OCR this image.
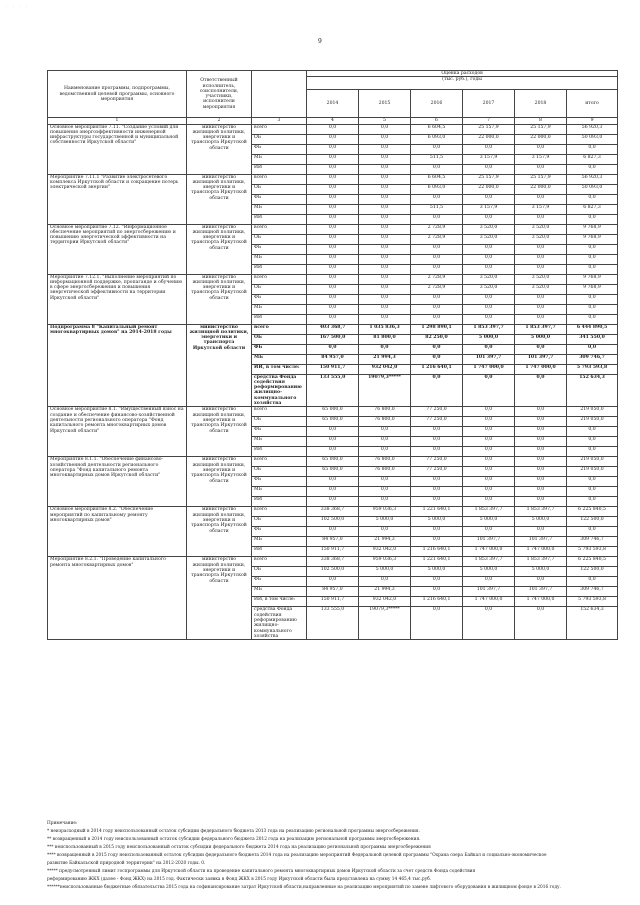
· · · ·
9
Наименование программы, подпрограммы, ведомственной целевой программы, основного мероприятия	Ответственный исполнитель, соисполнители, участники, исполнители мероприятия		Оценка расходов					
			(тыс. руб.), годы					
			2014	2015	2016	2017	2018	итого
1	2	3	4	5	6	7	8	9
Основное мероприятие 7.11. "Создание условий для повышения энергоэффективности инженерной инфраструктуры государственной и муниципальной собственности Иркутской области"	министерство жилищной политики, энергетики и транспорта Иркутской области	всего	0,0	0,0	6 604,5	25 157,9	25 157,9	56 920,3
		ОБ	0,0	0,0	6 093,0	22 000,0	22 000,0	50 093,0
		ФБ	0,0	0,0	0,0	0,0	0,0	0,0
		МБ	0,0	0,0	511,5	3 157,9	3 157,9	6 827,3
		ИИ	0,0	0,0	0,0	0,0	0,0	0,0
Мероприятие 7.11.1 "Развитие электросетевого комплекса Иркутской области и сокращение потерь электрической энергии"	министерство жилищной политики, энергетики и транспорта Иркутской области	всего	0,0	0,0	6 604,5	25 157,9	25 157,9	56 920,3
		ОБ	0,0	0,0	6 093,0	22 000,0	22 000,0	50 093,0
		ФБ	0,0	0,0	0,0	0,0	0,0	0,0
		МБ	0,0	0,0	511,5	3 157,9	3 157,9	6 827,3
		ИИ	0,0	0,0	0,0	0,0	0,0	0,0
Основное мероприятие 7.12. "Информационное обеспечение мероприятий по энергосбережению и повышению энергетической эффективности на территории Иркутской области"	министерство жилищной политики, энергетики и транспорта Иркутской области	всего	0,0	0,0	2 728,9	3 520,0	3 520,0	9 768,9
		ОБ	0,0	0,0	2 728,9	3 520,0	3 520,0	9 768,9
		ФБ	0,0	0,0	0,0	0,0	0,0	0,0
		МБ	0,0	0,0	0,0	0,0	0,0	0,0
		ИИ	0,0	0,0	0,0	0,0	0,0	0,0
Мероприятие 7.12.1. "Выполнение мероприятий по информационной поддержке, пропаганде и обучению в сфере энергосбережения и повышения энергетической эффективности на территории Иркутской области"	министерство жилищной политики, энергетики и транспорта Иркутской области	всего	0,0	0,0	2 728,9	3 520,0	3 520,0	9 768,9
		ОБ	0,0	0,0	2 728,9	3 520,0	3 520,0	9 768,9
		ФБ	0,0	0,0	0,0	0,0	0,0	0,0
		МБ	0,0	0,0	0,0	0,0	0,0	0,0
		ИИ	0,0	0,0	0,0	0,0	0,0	0,0
Подпрограмма 8 "Капитальный ремонт многоквартирных домов" на 2014-2018 годы	министерство жилищной политики, энергетики и транспорта Иркутской области	всего	403 368,7	1 035 836,3	1 298 890,1	1 853 397,7	1 853 397,7	6 444 890,5
		ОБ	167 500,0	81 800,0	82 250,0	5 000,0	5 000,0	341 550,0
		ФБ	0,0	0,0	0,0	0,0	0,0	0,0
		МБ	84 957,0	21 994,3	0,0	101 397,7	101 397,7	309 746,7
		ИИ, в том числе:	150 911,7	932 042,0	1 216 640,1	1 747 000,0	1 747 000,0	5 793 593,8
		средства Фонда содействия реформированию жилищно-коммунального хозяйства	133 555,0	19079,3*****	0,0	0,0	0,0	152 634,3
Основное мероприятие 8.1. "Имущественный взнос на создание и обеспечение финансово-хозяйственной деятельности регионального оператора "Фонд капитального ремонта многоквартирных домов Иркутской области"	министерство жилищной политики, энергетики и транспорта Иркутской области	всего	65 000,0	76 800,0	77 250,0	0,0	0,0	219 050,0
		ОБ	65 000,0	76 800,0	77 250,0	0,0	0,0	219 050,0
		ФБ	0,0	0,0	0,0	0,0	0,0	0,0
		МБ	0,0	0,0	0,0	0,0	0,0	0,0
		ИИ	0,0	0,0	0,0	0,0	0,0	0,0
Мероприятие 8.1.1. "Обеспечение финансово-хозяйственной деятельности регионального оператора "Фонд капитального ремонта многоквартирных домов Иркутской области"	министерство жилищной политики, энергетики и транспорта Иркутской области	всего	65 000,0	76 800,0	77 250,0	0,0	0,0	219 050,0
		ОБ	65 000,0	76 800,0	77 250,0	0,0	0,0	219 050,0
		ФБ	0,0	0,0	0,0	0,0	0,0	0,0
		МБ	0,0	0,0	0,0	0,0	0,0	0,0
		ИИ	0,0	0,0	0,0	0,0	0,0	0,0
Основное мероприятие 8.2. "Обеспечение мероприятий по капитальному ремонту многоквартирных домов"	министерство жилищной политики, энергетики и транспорта Иркутской области	всего	338 368,7	959 036,3	1 221 640,1	1 853 397,7	1 853 397,7	6 225 840,5
		ОБ	102 500,0	5 000,0	5 000,0	5 000,0	5 000,0	122 500,0
		ФБ	0,0	0,0	0,0	0,0	0,0	0,0
		МБ	84 957,0	21 994,3	0,0	101 397,7	101 397,7	309 746,7
		ИИ	150 911,7	932 042,0	1 216 640,1	1 747 000,0	1 747 000,0	5 793 593,8
Мероприятие 8.2.1. "Проведение капитального ремонта многоквартирных домов"	министерство жилищной политики, энергетики и транспорта Иркутской области	всего	338 368,7	959 036,3	1 221 640,1	1 853 397,7	1 853 397,7	6 225 840,5
		ОБ	102 500,0	5 000,0	5 000,0	5 000,0	5 000,0	122 500,0
		ФБ	0,0	0,0	0,0	0,0	0,0	0,0
		МБ	84 957,0	21 994,3	0,0	101 397,7	101 397,7	309 746,7
		ИИ, в том числе:	150 911,7	932 042,0	1 216 640,1	1 747 000,0	1 747 000,0	5 793 593,8
		средства Фонда содействия реформированию жилищно-коммунального хозяйства	133 555,0	19079,3*****	0,0	0,0	0,0	152 634,3
Примечание:
* неизрасходный в 2014 году неиспользованный остаток субсидии федерального бюджета 2013 года на реализацию региональной программы энергосбережения.
** возвращенный в 2014 году неиспользованный остаток субсидии федерального бюджета 2012 года на реализацию региональной программы энергосбережения.
*** неиспользованный в 2015 году неиспользованный остаток субсидии федерального бюджета 2014 года на реализацию региональной программы энергосбережения
**** возвращенный в 2015 году неиспользованный остаток субсидии федерального бюджета 2014 года на реализацию мероприятий Федеральной целевой программы "Охрана озера Байкал и социально-экономическое
развитие Байкальской природной территории" на 2012-2020 годы. 0.
***** предусмотренный лимит госпрограммы для Иркутской области на проведение капитального ремонта многоквартирных домов Иркутской области за счет средств Фонда содействия
реформированию ЖКХ (далее - Фонд ЖКХ) на 2015 год. Фактически заявка в Фонд ЖКХ в 2015 году Иркутской области была представлена на сумму 14 465,4 тыс.руб.
******неиспользованные бюджетные обязательства 2015 года на софинансирование затрат Иркутской области,направленные на реализацию мероприятий по замене лифтового оборудования в жилищном фонде в 2016 году.
